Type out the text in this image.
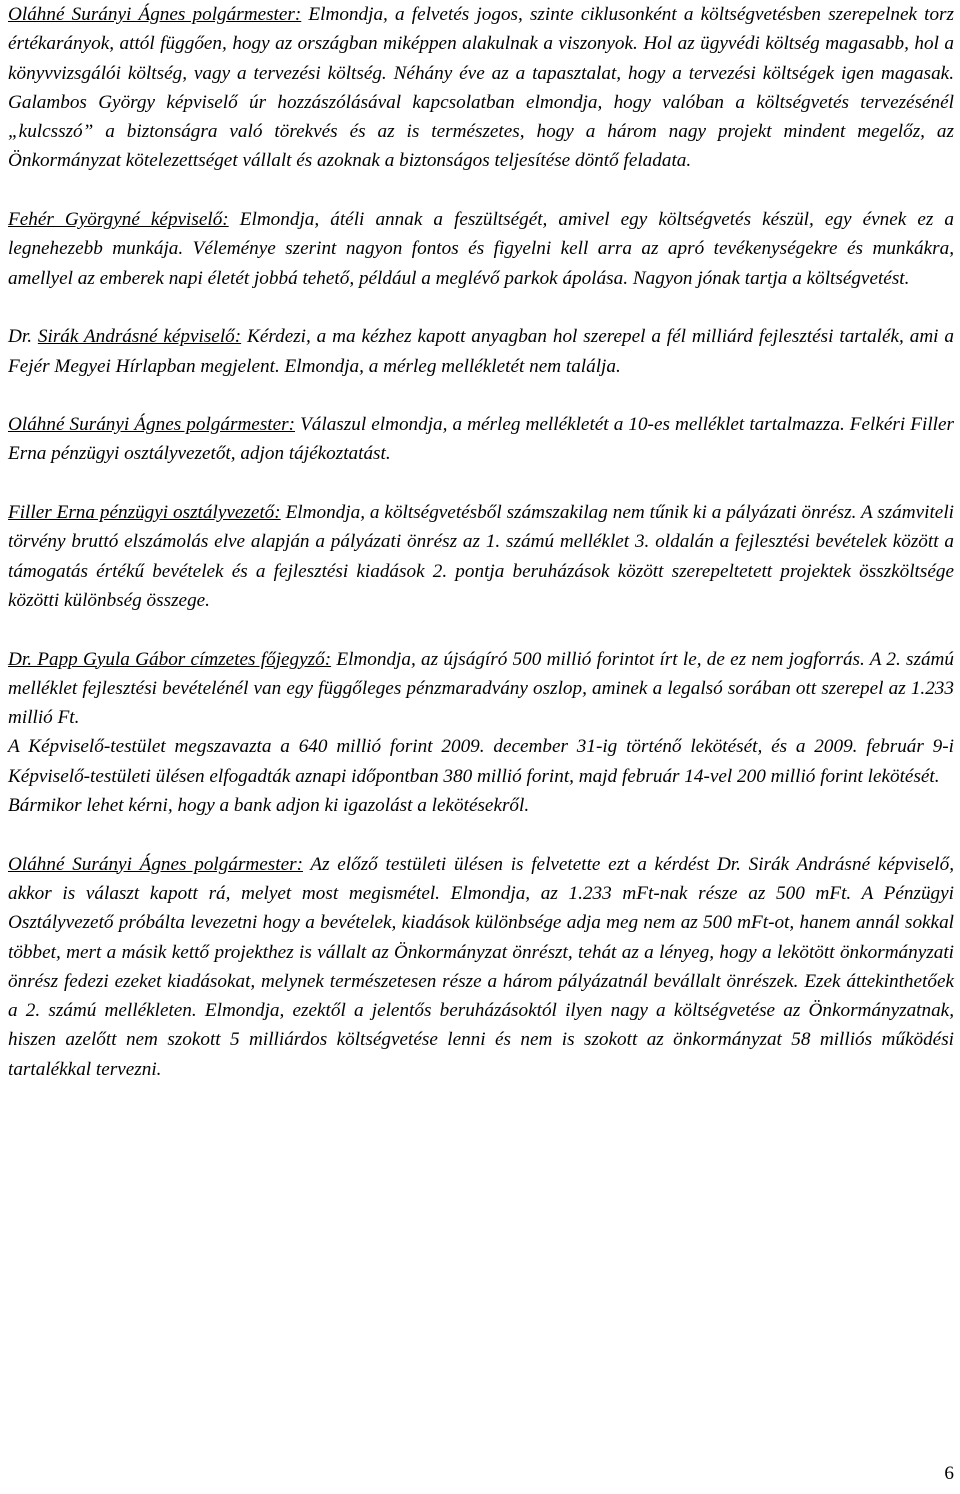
Oláhné Surányi Ágnes polgármester: Elmondja, a felvetés jogos, szinte ciklusonként a költségvetésben szerepelnek torz értékarányok, attól függően, hogy az országban miképpen alakulnak a viszonyok. Hol az ügyvédi költség magasabb, hol a könyvvizsgálói költség, vagy a tervezési költség. Néhány éve az a tapasztalat, hogy a tervezési költségek igen magasak. Galambos György képviselő úr hozzászólásával kapcsolatban elmondja, hogy valóban a költségvetés tervezésénél „kulcsszó” a biztonságra való törekvés és az is természetes, hogy a három nagy projekt mindent megelőz, az Önkormányzat kötelezettséget vállalt és azoknak a biztonságos teljesítése döntő feladata.

Fehér Györgyné képviselő: Elmondja, átéli annak a feszültségét, amivel egy költségvetés készül, egy évnek ez a legnehezebb munkája. Véleménye szerint nagyon fontos és figyelni kell arra az apró tevékenységekre és munkákra, amellyel az emberek napi életét jobbá tehető, például a meglévő parkok ápolása. Nagyon jónak tartja a költségvetést.

Dr. Sirák Andrásné képviselő: Kérdezi, a ma kézhez kapott anyagban hol szerepel a fél milliárd fejlesztési tartalék, ami a Fejér Megyei Hírlapban megjelent. Elmondja, a mérleg mellékletét nem találja.

Oláhné Surányi Ágnes polgármester: Válaszul elmondja, a mérleg mellékletét a 10-es melléklet tartalmazza. Felkéri Filler Erna pénzügyi osztályvezetőt, adjon tájékoztatást.

Filler Erna pénzügyi osztályvezető: Elmondja, a költségvetésből számszakilag nem tűnik ki a pályázati önrész. A számviteli törvény bruttó elszámolás elve alapján a pályázati önrész az 1. számú melléklet 3. oldalán a fejlesztési bevételek között a támogatás értékű bevételek és a fejlesztési kiadások 2. pontja beruházások között szerepeltetett projektek összköltsége közötti különbség összege.

Dr. Papp Gyula Gábor címzetes főjegyző: Elmondja, az újságíró 500 millió forintot írt le, de ez nem jogforrás. A 2. számú melléklet fejlesztési bevételénél van egy függőleges pénzmaradvány oszlop, aminek a legalsó sorában ott szerepel az 1.233 millió Ft.

A Képviselő-testület megszavazta a 640 millió forint 2009. december 31-ig történő lekötését, és a 2009. február 9-i Képviselő-testületi ülésen elfogadták aznapi időpontban 380 millió forint, majd február 14-vel 200 millió forint lekötését.

Bármikor lehet kérni, hogy a bank adjon ki igazolást a lekötésekről.

Oláhné Surányi Ágnes polgármester: Az előző testületi ülésen is felvetette ezt a kérdést Dr. Sirák Andrásné képviselő, akkor is választ kapott rá, melyet most megismétel. Elmondja, az 1.233 mFt-nak része az 500 mFt. A Pénzügyi Osztályvezető próbálta levezetni hogy a bevételek, kiadások különbsége adja meg nem az 500 mFt-ot, hanem annál sokkal többet, mert a másik kettő projekthez is vállalt az Önkormányzat önrészt, tehát az a lényeg, hogy a lekötött önkormányzati önrész fedezi ezeket kiadásokat, melynek természetesen része a három pályázatnál bevállalt önrészek. Ezek áttekinthetőek a 2. számú mellékleten. Elmondja, ezektől a jelentős beruházásoktól ilyen nagy a költségvetése az Önkormányzatnak, hiszen azelőtt nem szokott 5 milliárdos költségvetése lenni és nem is szokott az önkormányzat 58 milliós működési tartalékkal tervezni.

6
